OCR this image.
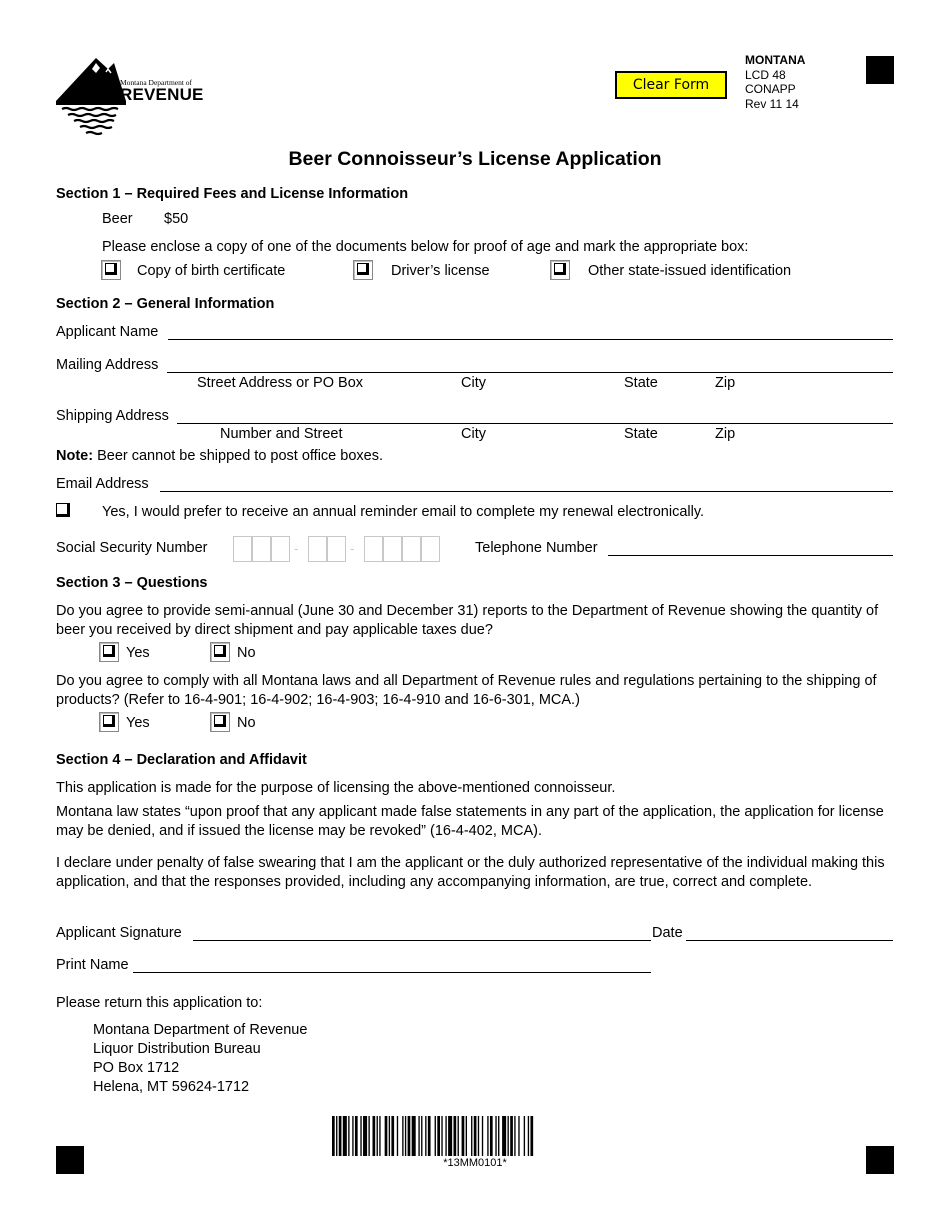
Montana Department of
REVENUE	Clear Form
MONTANA
LCD 48
CONAPP
Rev 11 14
Beer Connoisseur’s License Application
Section 1 – Required Fees and License Information
Beer $50
Please enclose a copy of one of the documents below for proof of age and mark the appropriate box:
Copy of birth certificate	Driver’s license	Other state-issued identification
Section 2 – General Information
Applicant Name
Mailing Address
Street Address or PO Box	City	State	Zip
Shipping Address
Number and Street	City	State	Zip
Note: Beer cannot be shipped to post office boxes.
Email Address
Yes, I would prefer to receive an annual reminder email to complete my renewal electronically.
Social Security Number	-	-	Telephone Number
Section 3 – Questions
Do you agree to provide semi-annual (June 30 and December 31) reports to the Department of Revenue showing the quantity of beer you received by direct shipment and pay applicable taxes due?
Yes	No
Do you agree to comply with all Montana laws and all Department of Revenue rules and regulations pertaining to the shipping of products? (Refer to 16-4-901; 16-4-902; 16-4-903; 16-4-910 and 16-6-301, MCA.)
Yes	No
Section 4 – Declaration and Affidavit
This application is made for the purpose of licensing the above-mentioned connoisseur.
Montana law states “upon proof that any applicant made false statements in any part of the application, the application for license may be denied, and if issued the license may be revoked” (16-4-402, MCA).
I declare under penalty of false swearing that I am the applicant or the duly authorized representative of the individual making this application, and that the responses provided, including any accompanying information, are true, correct and complete.
Applicant Signature	Date
Print Name
Please return this application to:
Montana Department of Revenue
Liquor Distribution Bureau
PO Box 1712
Helena, MT 59624-1712
*13MM0101*
